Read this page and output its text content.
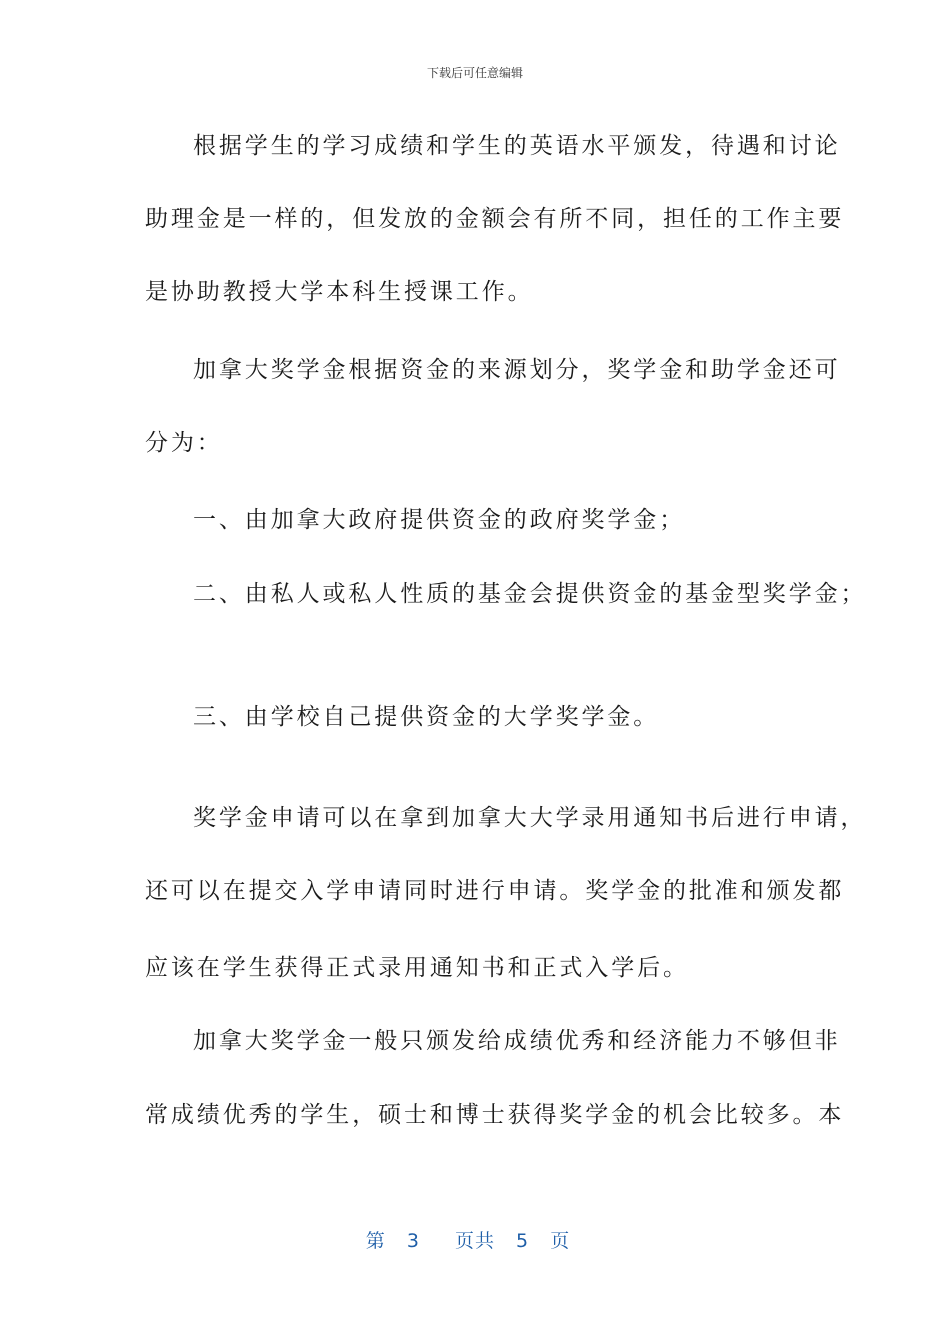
下载后可任意编辑
根据学生的学习成绩和学生的英语水平颁发，待遇和讨论
助理金是一样的，但发放的金额会有所不同，担任的工作主要
是协助教授大学本科生授课工作。
加拿大奖学金根据资金的来源划分，奖学金和助学金还可
分为：
一、由加拿大政府提供资金的政府奖学金；
二、由私人或私人性质的基金会提供资金的基金型奖学金；
三、由学校自己提供资金的大学奖学金。
奖学金申请可以在拿到加拿大大学录用通知书后进行申请，
还可以在提交入学申请同时进行申请。奖学金的批准和颁发都
应该在学生获得正式录用通知书和正式入学后。
加拿大奖学金一般只颁发给成绩优秀和经济能力不够但非
常成绩优秀的学生，硕士和博士获得奖学金的机会比较多。本
第 3 页共 5 页
